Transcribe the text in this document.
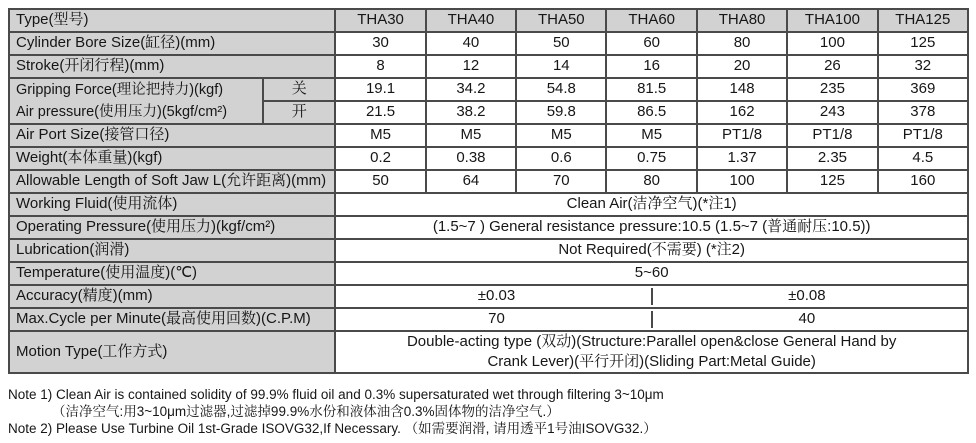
Type(型号)		THA30	THA40	THA50	THA60	THA80	THA100	THA125
Cylinder Bore Size(缸径)(mm)		30	40	50	60	80	100	125
Stroke(开闭行程)(mm)		8	12	14	16	20	26	32

Gripping Force(理论把持力)(kgf)
Air pressure(使用压力)(5kgf/cm²)	关	19.1	34.2	54.8	81.5	148	235	369
	开	21.5	38.2	59.8	86.5	162	243	378
Air Port Size(接管口径)		M5	M5	M5	M5	PT1/8	PT1/8	PT1/8
Weight(本体重量)(kgf)		0.2	0.38	0.6	0.75	1.37	2.35	4.5
Allowable Length of Soft Jaw L(允许距离)(mm)		50	64	70	80	100	125	160
Working Fluid(使用流体)		Clean Air(洁净空气)(*注1)						
Operating Pressure(使用压力)(kgf/cm²)		(1.5~7 ) General resistance pressure:10.5 (1.5~7 (普通耐压:10.5))						
Lubrication(润滑)		Not Required(不需要) (*注2)						
Temperature(使用温度)(℃)		5~60						
Accuracy(精度)(mm)		±0.03 ±0.08						

Max.Cycle per Minute(最高使用回数)(C.P.M)		70 40						

Motion Type(工作方式)		Double-acting type (双动)(Structure:Parallel open&close General Hand by
Crank Lever)(平行开闭)(Sliding Part:Metal Guide)						
Note 1) Clean Air is contained solidity of 99.9% fluid oil and 0.3% supersaturated wet through filtering 3~10μm
（洁净空气:用3~10μm过滤器,过滤掉99.9%水份和液体油含0.3%固体物的洁净空气.）
Note 2) Please Use Turbine Oil 1st-Grade ISOVG32,If Necessary. （如需要润滑, 请用透平1号油ISOVG32.）
